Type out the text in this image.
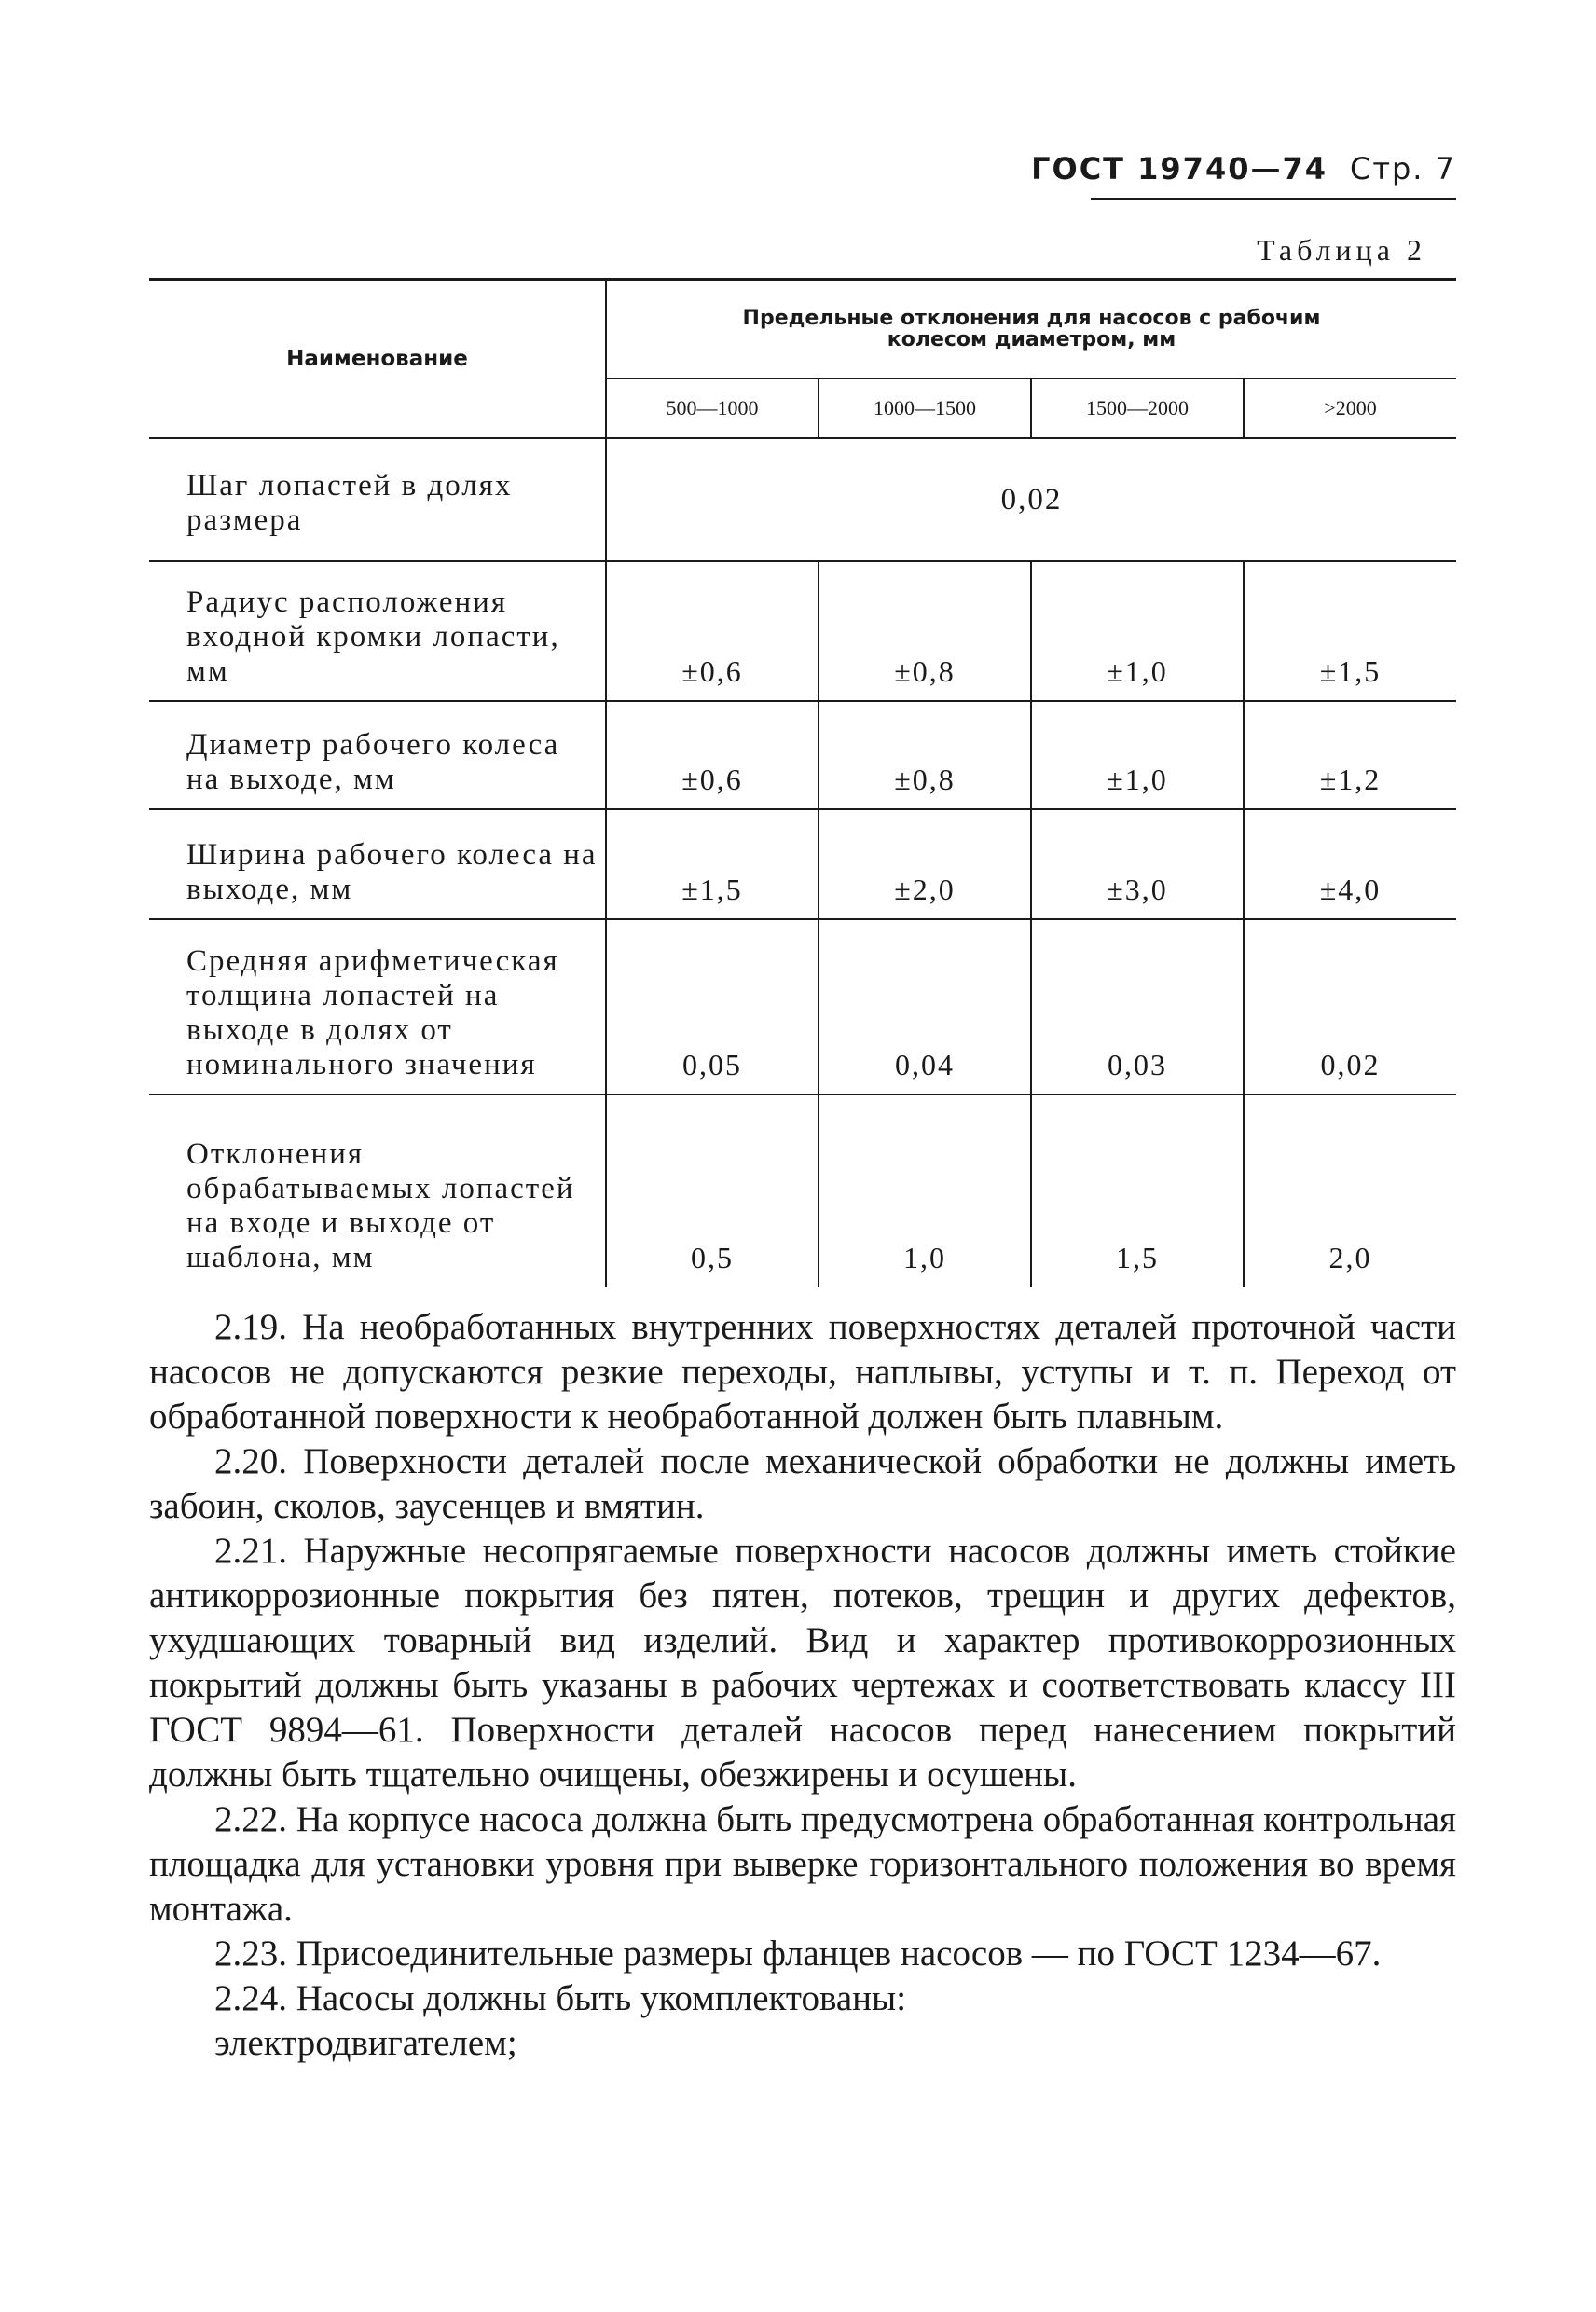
ГОСТ 19740—74 Стр. 7
Таблица 2
Наименование	Предельные отклонения для насосов с рабочим колесом диаметром, мм			
	500—1000	1000—1500	1500—2000	>2000
Шаг лопастей в долях размера	0,02			
Радиус расположения входной кромки лопасти, мм	±0,6	±0,8	±1,0	±1,5
Диаметр рабочего колеса на выходе, мм	±0,6	±0,8	±1,0	±1,2
Ширина рабочего колеса на выходе, мм	±1,5	±2,0	±3,0	±4,0
Средняя арифметическая толщина лопастей на выходе в долях от номинального значения	0,05	0,04	0,03	0,02
Отклонения обрабатываемых лопастей на входе и выходе от шаблона, мм	0,5	1,0	1,5	2,0

2.19. На необработанных внутренних поверхностях деталей проточной части насосов не допускаются резкие переходы, наплывы, уступы и т. п. Переход от обработанной поверхности к необработанной должен быть плавным.

2.20. Поверхности деталей после механической обработки не должны иметь забоин, сколов, заусенцев и вмятин.

2.21. Наружные несопрягаемые поверхности насосов должны иметь стойкие антикоррозионные покрытия без пятен, потеков, трещин и других дефектов, ухудшающих товарный вид изделий. Вид и характер противокоррозионных покрытий должны быть указаны в рабочих чертежах и соответствовать классу III ГОСТ 9894—61. Поверхности деталей насосов перед нанесением покрытий должны быть тщательно очищены, обезжирены и осушены.

2.22. На корпусе насоса должна быть предусмотрена обработанная контрольная площадка для установки уровня при выверке горизонтального положения во время монтажа.

2.23. Присоединительные размеры фланцев насосов — по ГОСТ 1234—67.

2.24. Насосы должны быть укомплектованы:

электродвигателем;
